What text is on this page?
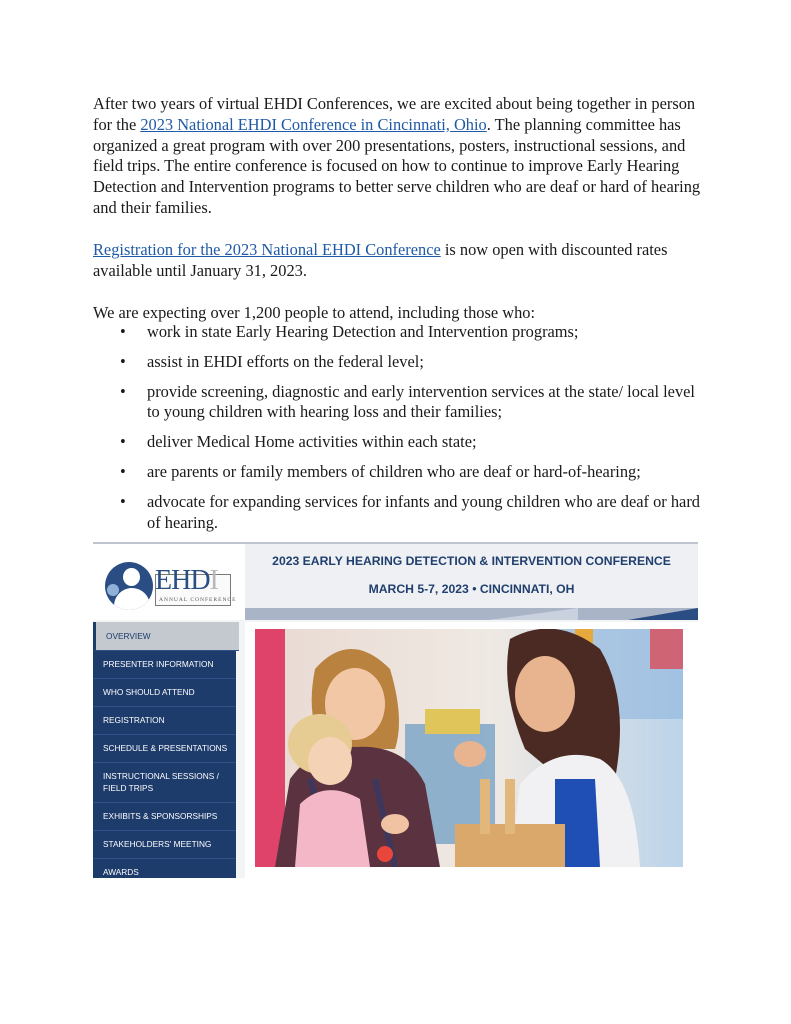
After two years of virtual EHDI Conferences, we are excited about being together in person for the 2023 National EHDI Conference in Cincinnati, Ohio. The planning committee has organized a great program with over 200 presentations, posters, instructional sessions, and field trips. The entire conference is focused on how to continue to improve Early Hearing Detection and Intervention programs to better serve children who are deaf or hard of hearing and their families.

Registration for the 2023 National EHDI Conference is now open with discounted rates available until January 31, 2023.

We are expecting over 1,200 people to attend, including those who:

• work in state Early Hearing Detection and Intervention programs;
• assist in EHDI efforts on the federal level;
• provide screening, diagnostic and early intervention services at the state/ local level to young children with hearing loss and their families;
• deliver Medical Home activities within each state;
• are parents or family members of children who are deaf or hard-of-hearing;
• advocate for expanding services for infants and young children who are deaf or hard of hearing.
EHDI
ANNUAL CONFERENCE
2023 EARLY HEARING DETECTION & INTERVENTION CONFERENCE
MARCH 5-7, 2023 • CINCINNATI, OH
OVERVIEW
PRESENTER INFORMATION
WHO SHOULD ATTEND
REGISTRATION
SCHEDULE & PRESENTATIONS
INSTRUCTIONAL SESSIONS / FIELD TRIPS
EXHIBITS & SPONSORSHIPS
STAKEHOLDERS' MEETING
AWARDS
